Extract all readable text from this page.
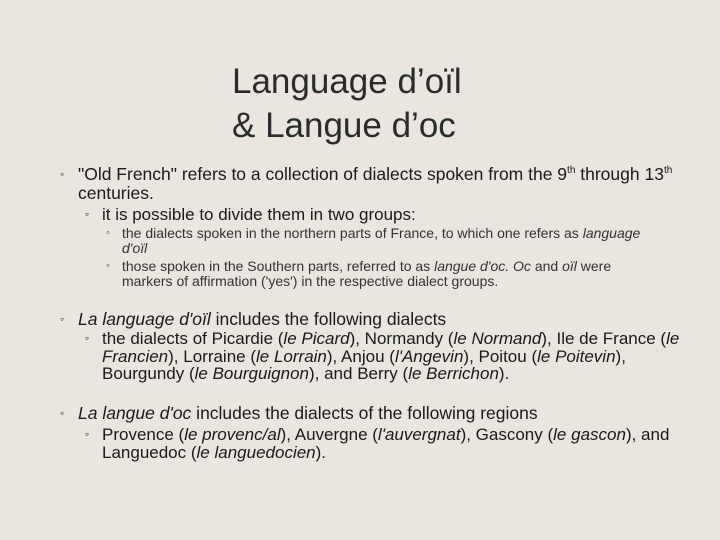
Language d’oïl
& Langue d’oc

◦ "Old French" refers to a collection of dialects spoken from the 9th through 13th centuries.

◦ it is possible to divide them in two groups:

◦ the dialects spoken in the northern parts of France, to which one refers as language d'oïl

◦ those spoken in the Southern parts, referred to as langue d'oc. Oc and oïl were markers of affirmation ('yes') in the respective dialect groups.

◦ La language d'oïl includes the following dialects

◦ the dialects of Picardie (le Picard), Normandy (le Normand), Ile de France (le Francien), Lorraine (le Lorrain), Anjou (l'Angevin), Poitou (le Poitevin), Bourgundy (le Bourguignon), and Berry (le Berrichon).

◦ La langue d'oc includes the dialects of the following regions

◦ Provence (le provenc/al), Auvergne (l'auvergnat), Gascony (le gascon), and Languedoc (le languedocien).
